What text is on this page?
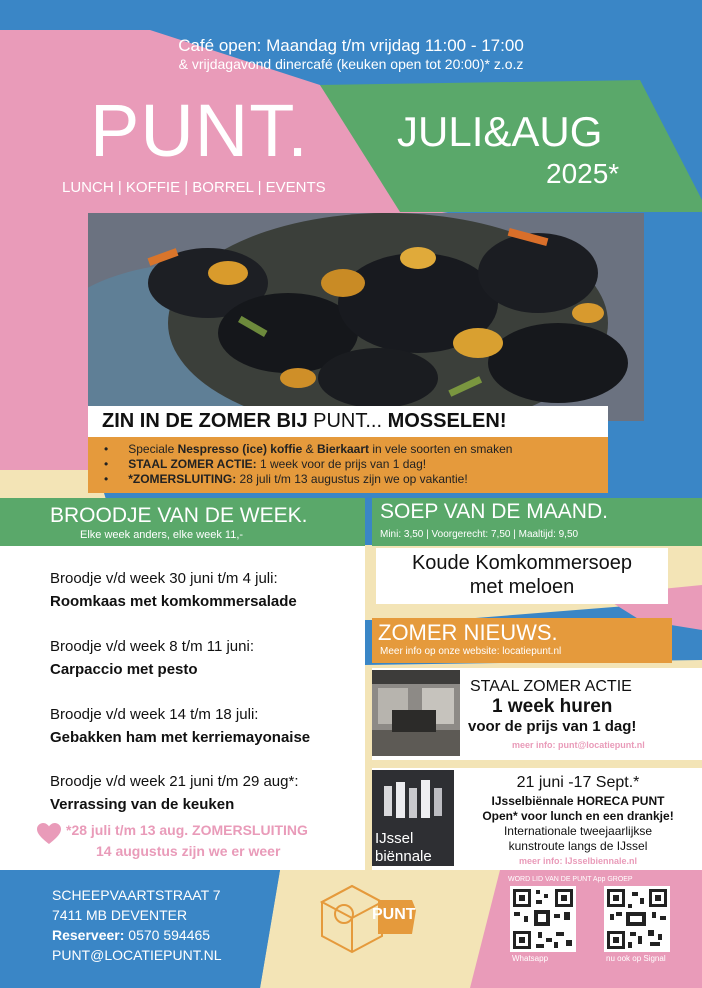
Café open: Maandag t/m vrijdag 11:00 - 17:00
& vrijdagavond dinercafé (keuken open tot 20:00)* z.o.z
PUNT.
LUNCH | KOFFIE | BORREL | EVENTS
JULI&AUG
2025*
ZIN IN DE ZOMER BIJ PUNT... MOSSELEN!
•      Speciale Nespresso (ice) koffie & Bierkaart in vele soorten en smaken
•      STAAL ZOMER ACTIE: 1 week voor de prijs van 1 dag!
•      *ZOMERSLUITING: 28 juli t/m 13 augustus zijn we op vakantie!
BROODJE VAN DE WEEK.
Elke week anders, elke week 11,-
Broodje v/d week 30 juni t/m 4 juli:
Roomkaas met komkommersalade
Broodje v/d week 8 t/m 11 juni:
Carpaccio met pesto
Broodje v/d week 14 t/m 18 juli:
Gebakken ham met kerriemayonaise
Broodje v/d week 21 juni t/m 29 aug*:
Verrassing van de keuken
*28 juli t/m 13 aug. ZOMERSLUITING
14 augustus zijn we er weer
SOEP VAN DE MAAND.
Mini: 3,50 | Voorgerecht: 7,50 | Maaltijd: 9,50
Koude Komkommersoep
met meloen
ZOMER NIEUWS.
Meer info op onze website: locatiepunt.nl
STAAL ZOMER ACTIE
1 week huren
voor de prijs van 1 dag!
meer info: punt@locatiepunt.nl
IJssel
biënnale
21 juni -17 Sept.*
IJsselbiënnale HORECA PUNT
Open* voor lunch en een drankje!
Internationale tweejaarlijkse
kunstroute langs de IJssel
meer info: IJsselbiennale.nl
SCHEEPVAARTSTRAAT 7
7411 MB DEVENTER
Reserveer: 0570 594465
PUNT@LOCATIEPUNT.NL
PUNT
WORD LID VAN DE PUNT App GROEP
Whatsapp	nu ook op Signal
